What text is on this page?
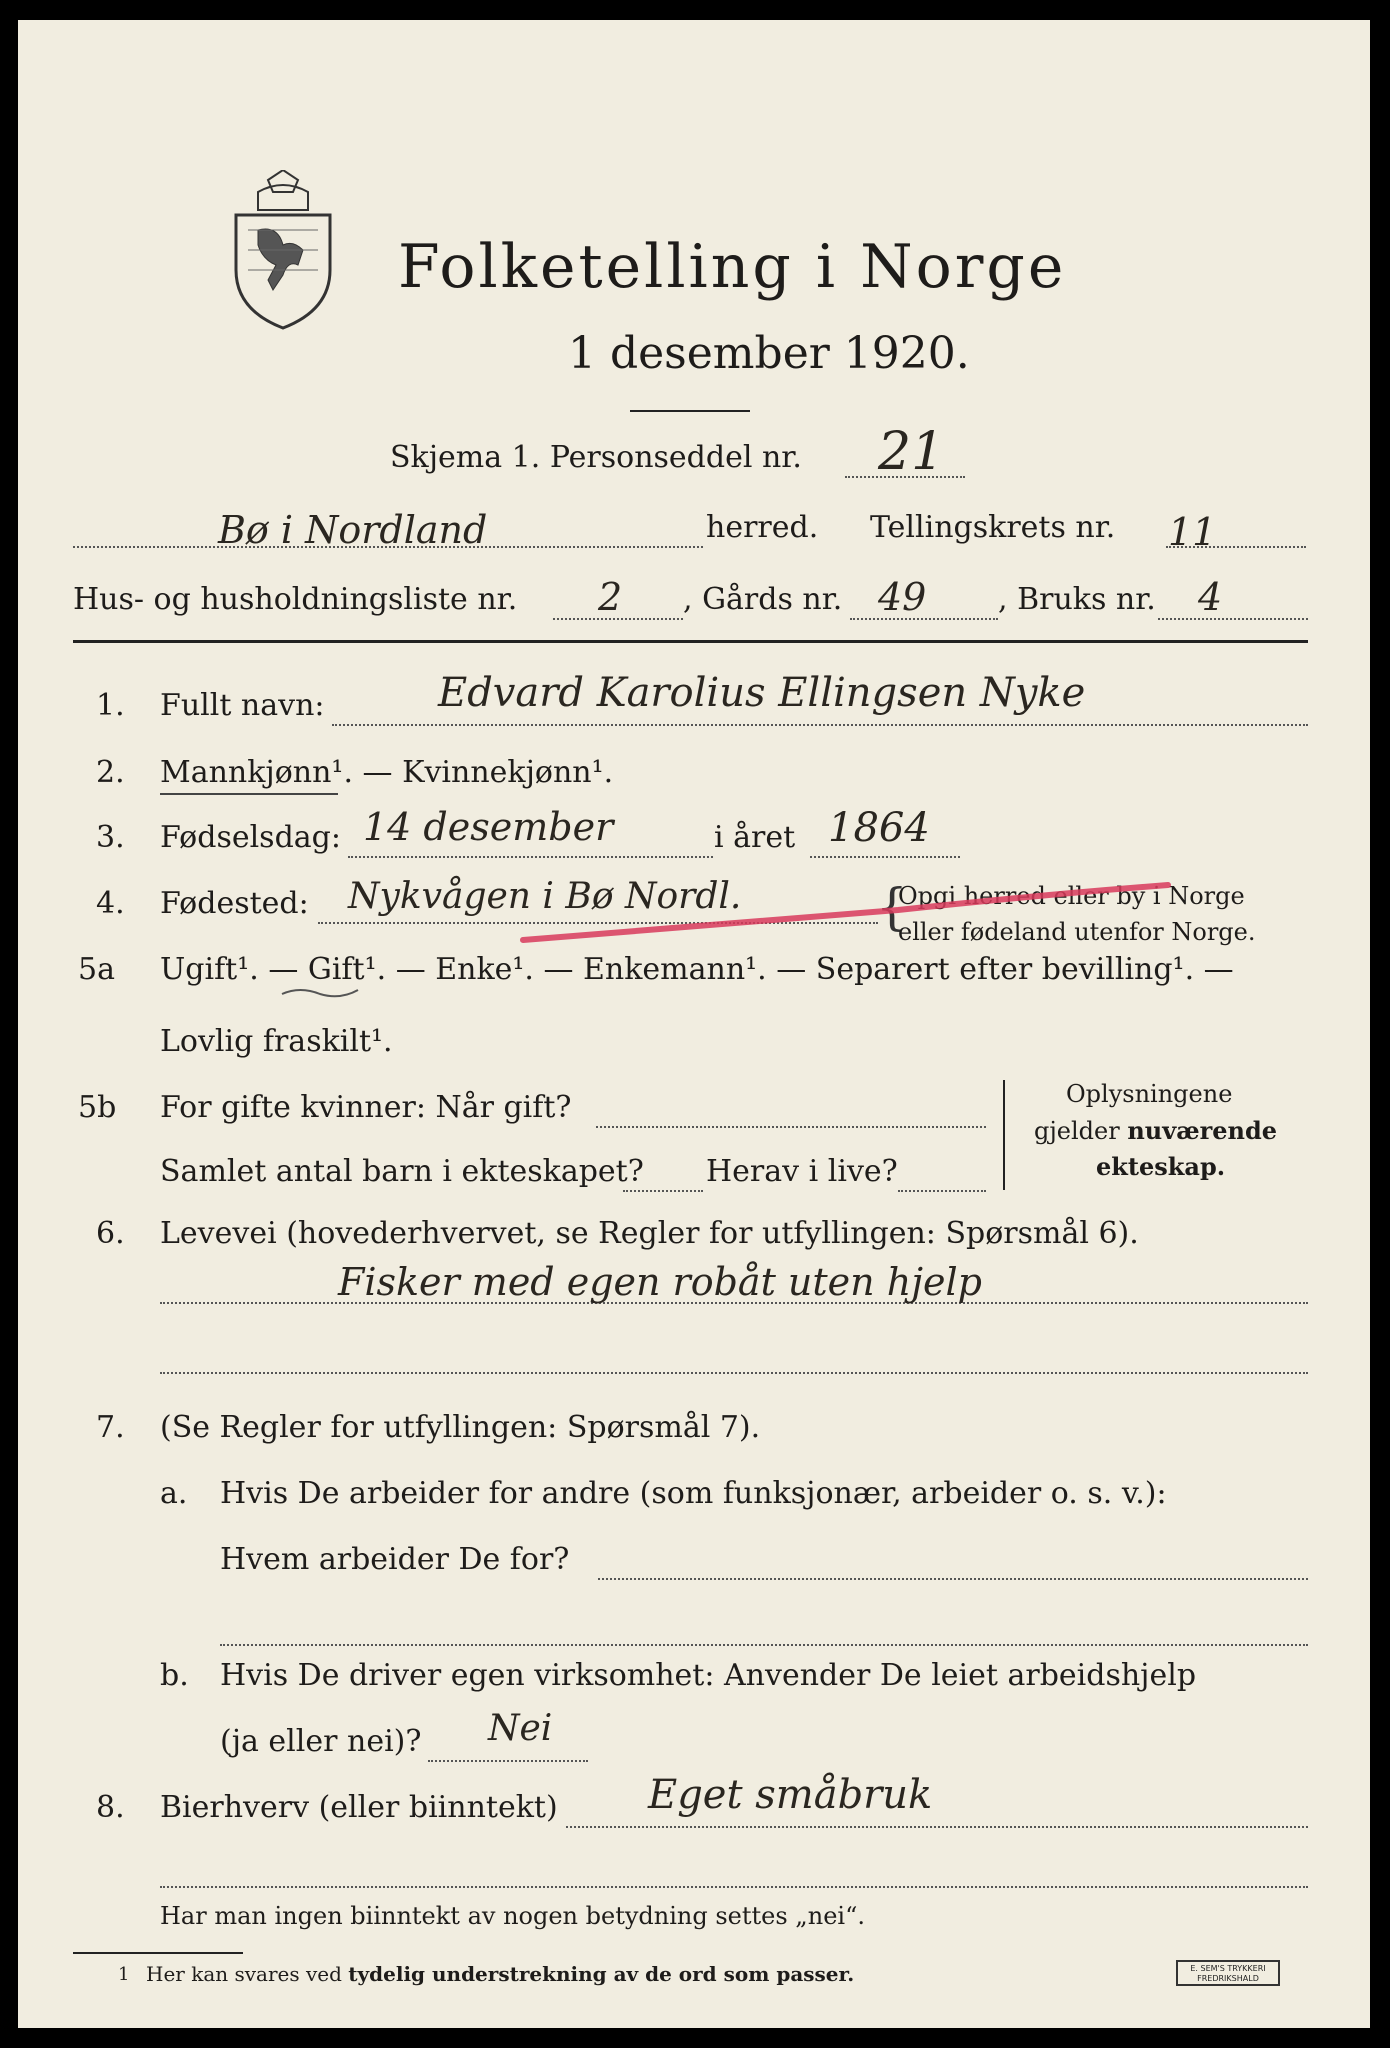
Folketelling i Norge
1 desember 1920.
Skjema 1. Personseddel nr. 21
Bø i Nordland	herred. Tellingskrets nr. 11
Hus- og husholdningsliste nr. 2 , Gårds nr. 49 , Bruks nr. 4
1. Fullt navn:	Edvard Karolius Ellingsen Nyke
2. Mannkjønn¹. — Kvinnekjønn¹.
3. Fødselsdag: 14 desember	i året 1864
4. Fødested: Nykvågen i Bø Nordl.	{
Opgi herred eller by i Norge
eller fødeland utenfor Norge.
5a Ugift¹. — Gift¹. — Enke¹. — Enkemann¹. — Separert efter bevilling¹. —
Lovlig fraskilt¹.
5b For gifte kvinner: Når gift?
Samlet antal barn i ekteskapet? Herav i live?
Oplysningene
gjelder nuværende
ekteskap.
6. Levevei (hovederhvervet, se Regler for utfyllingen: Spørsmål 6).
Fisker med egen robåt uten hjelp
7. (Se Regler for utfyllingen: Spørsmål 7).
a. Hvis De arbeider for andre (som funksjonær, arbeider o. s. v.):
Hvem arbeider De for?
b. Hvis De driver egen virksomhet: Anvender De leiet arbeidshjelp
(ja eller nei)? Nei
8. Bierhverv (eller biinntekt) Eget småbruk
Har man ingen biinntekt av nogen betydning settes „nei“.
1 Her kan svares ved tydelig understrekning av de ord som passer.	E. SEM'S TRYKKERI FREDRIKSHALD
